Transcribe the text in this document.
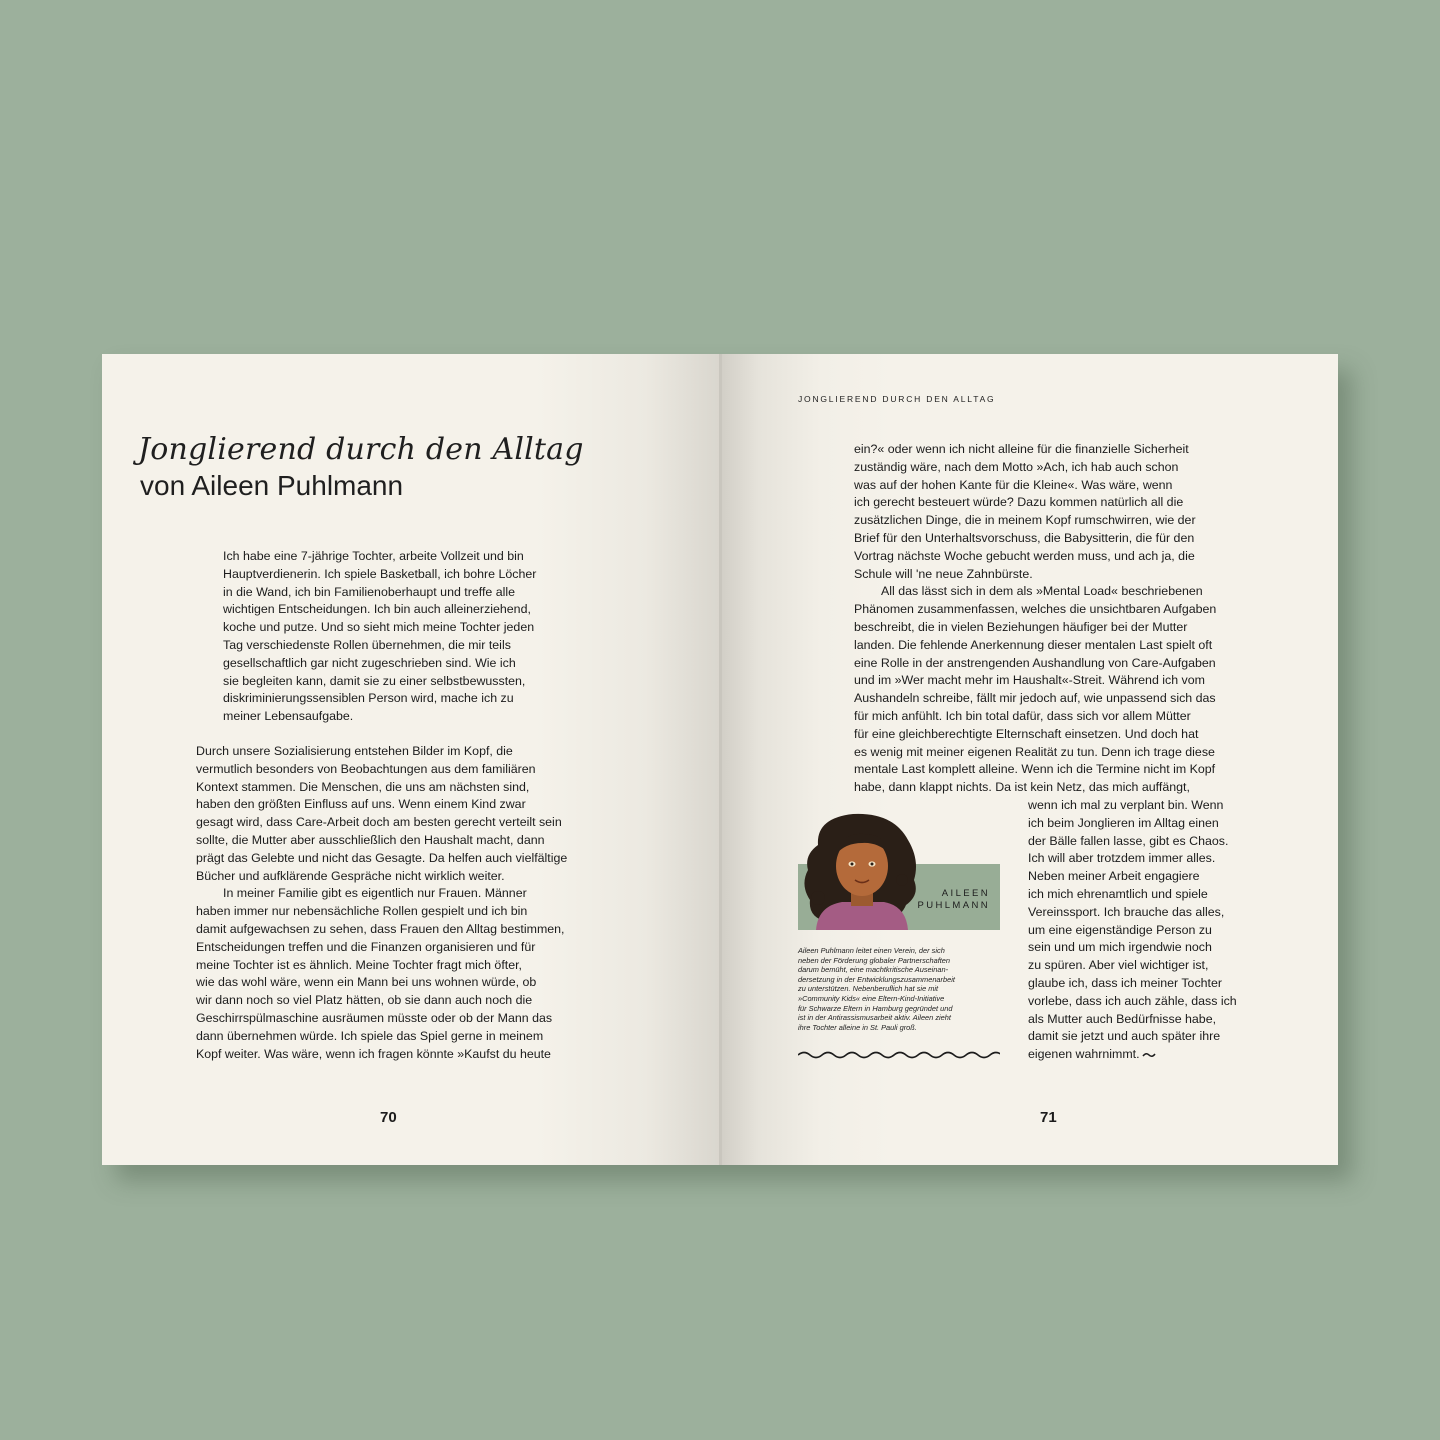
Jonglierend durch den Alltag
von Aileen Puhlmann
Ich habe eine 7-jährige Tochter, arbeite Vollzeit und bin
Hauptverdienerin. Ich spiele Basketball, ich bohre Löcher
in die Wand, ich bin Familienoberhaupt und treffe alle
wichtigen Entscheidungen. Ich bin auch alleinerziehend,
koche und putze. Und so sieht mich meine Tochter jeden
Tag verschiedenste Rollen übernehmen, die mir teils
gesellschaftlich gar nicht zugeschrieben sind. Wie ich
sie begleiten kann, damit sie zu einer selbstbewussten,
diskriminierungssensiblen Person wird, mache ich zu
meiner Lebensaufgabe.
Durch unsere Sozialisierung entstehen Bilder im Kopf, die
vermutlich besonders von Beobachtungen aus dem familiären
Kontext stammen. Die Menschen, die uns am nächsten sind,
haben den größten Einfluss auf uns. Wenn einem Kind zwar
gesagt wird, dass Care-Arbeit doch am besten gerecht verteilt sein
sollte, die Mutter aber ausschließlich den Haushalt macht, dann
prägt das Gelebte und nicht das Gesagte. Da helfen auch vielfältige
Bücher und aufklärende Gespräche nicht wirklich weiter.
In meiner Familie gibt es eigentlich nur Frauen. Männer
haben immer nur nebensächliche Rollen gespielt und ich bin
damit aufgewachsen zu sehen, dass Frauen den Alltag bestimmen,
Entscheidungen treffen und die Finanzen organisieren und für
meine Tochter ist es ähnlich. Meine Tochter fragt mich öfter,
wie das wohl wäre, wenn ein Mann bei uns wohnen würde, ob
wir dann noch so viel Platz hätten, ob sie dann auch noch die
Geschirrspülmaschine ausräumen müsste oder ob der Mann das
dann übernehmen würde. Ich spiele das Spiel gerne in meinem
Kopf weiter. Was wäre, wenn ich fragen könnte »Kaufst du heute
70
JONGLIEREND DURCH DEN ALLTAG
ein?« oder wenn ich nicht alleine für die finanzielle Sicherheit
zuständig wäre, nach dem Motto »Ach, ich hab auch schon
was auf der hohen Kante für die Kleine«. Was wäre, wenn
ich gerecht besteuert würde? Dazu kommen natürlich all die
zusätzlichen Dinge, die in meinem Kopf rumschwirren, wie der
Brief für den Unterhaltsvorschuss, die Babysitterin, die für den
Vortrag nächste Woche gebucht werden muss, und ach ja, die
Schule will 'ne neue Zahnbürste.
All das lässt sich in dem als »Mental Load« beschriebenen
Phänomen zusammenfassen, welches die unsichtbaren Aufgaben
beschreibt, die in vielen Beziehungen häufiger bei der Mutter
landen. Die fehlende Anerkennung dieser mentalen Last spielt oft
eine Rolle in der anstrengenden Aushandlung von Care-Aufgaben
und im »Wer macht mehr im Haushalt«-Streit. Während ich vom
Aushandeln schreibe, fällt mir jedoch auf, wie unpassend sich das
für mich anfühlt. Ich bin total dafür, dass sich vor allem Mütter
für eine gleichberechtigte Elternschaft einsetzen. Und doch hat
es wenig mit meiner eigenen Realität zu tun. Denn ich trage diese
mentale Last komplett alleine. Wenn ich die Termine nicht im Kopf
habe, dann klappt nichts. Da ist kein Netz, das mich auffängt,
wenn ich mal zu verplant bin. Wenn
ich beim Jonglieren im Alltag einen
der Bälle fallen lasse, gibt es Chaos.
Ich will aber trotzdem immer alles.
Neben meiner Arbeit engagiere
ich mich ehrenamtlich und spiele
Vereinssport. Ich brauche das alles,
um eine eigenständige Person zu
sein und um mich irgendwie noch
zu spüren. Aber viel wichtiger ist,
glaube ich, dass ich meiner Tochter
vorlebe, dass ich auch zähle, dass ich
als Mutter auch Bedürfnisse habe,
damit sie jetzt und auch später ihre
eigenen wahrnimmt.
AILEEN
PUHLMANN
Aileen Puhlmann leitet einen Verein, der sich
neben der Förderung globaler Partnerschaften
darum bemüht, eine machtkritische Auseinan-
dersetzung in der Entwicklungszusammenarbeit
zu unterstützen. Nebenberuflich hat sie mit
»Community Kids« eine Eltern-Kind-Initiative
für Schwarze Eltern in Hamburg gegründet und
ist in der Antirassismusarbeit aktiv. Aileen zieht
ihre Tochter alleine in St. Pauli groß.
71
